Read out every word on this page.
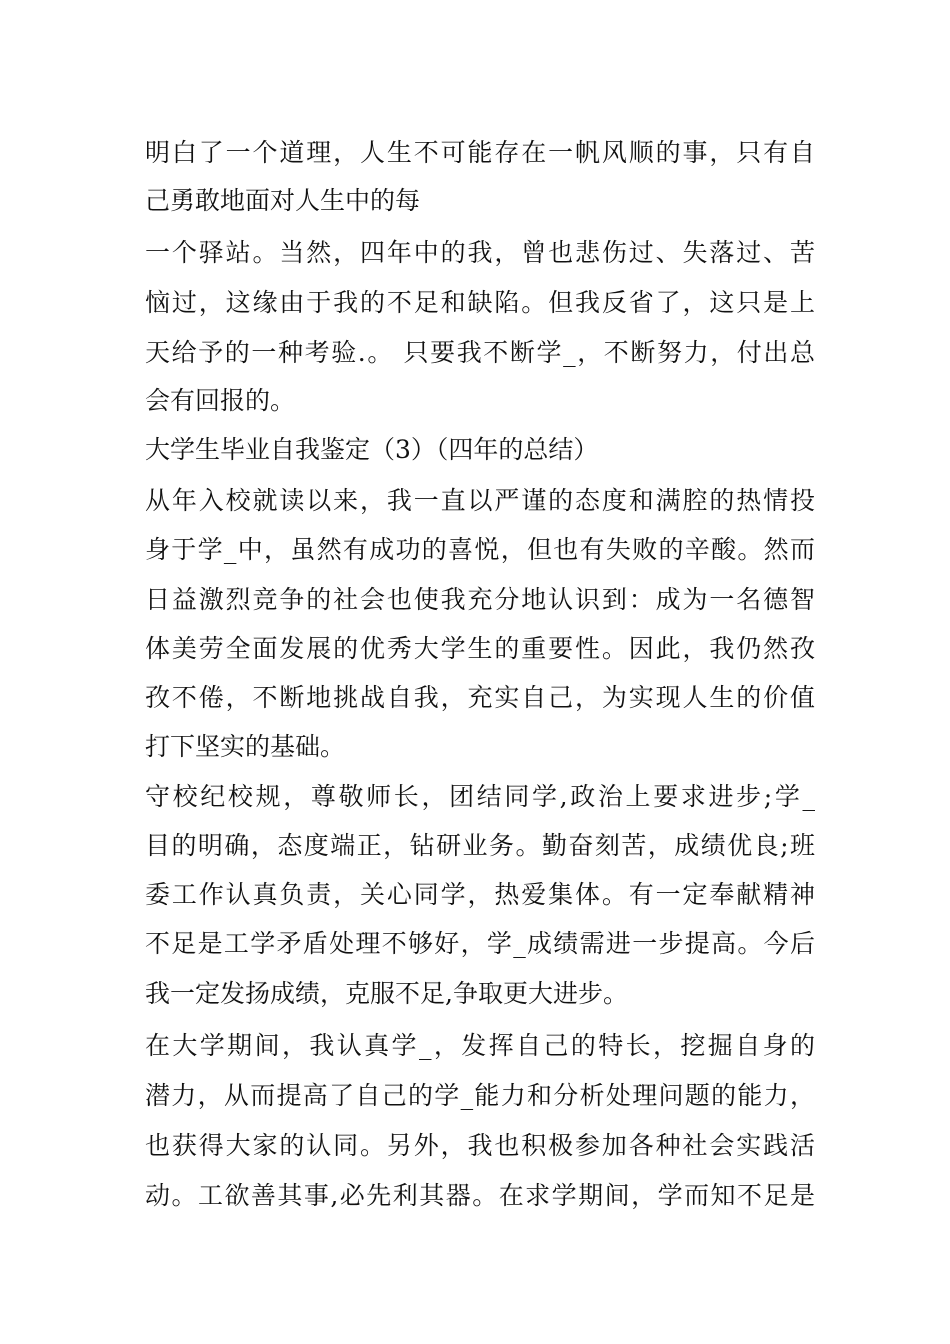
明白了一个道理，人生不可能存在一帆风顺的事，只有自
己勇敢地面对人生中的每
一个驿站。当然，四年中的我，曾也悲伤过、失落过、苦
恼过，这缘由于我的不足和缺陷。但我反省了，这只是上
天给予的一种考验.。 只要我不断学_，不断努力，付出总
会有回报的。
大学生毕业自我鉴定（3）（四年的总结）
从年入校就读以来，我一直以严谨的态度和满腔的热情投
身于学_中，虽然有成功的喜悦，但也有失败的辛酸。然而
日益激烈竞争的社会也使我充分地认识到：成为一名德智
体美劳全面发展的优秀大学生的重要性。因此，我仍然孜
孜不倦，不断地挑战自我，充实自己，为实现人生的价值
打下坚实的基础。
守校纪校规，尊敬师长，团结同学,政治上要求进步;学_
目的明确，态度端正，钻研业务。勤奋刻苦，成绩优良;班
委工作认真负责，关心同学，热爱集体。有一定奉献精神
不足是工学矛盾处理不够好，学_成绩需进一步提高。今后
我一定发扬成绩，克服不足,争取更大进步。
在大学期间，我认真学_，发挥自己的特长，挖掘自身的
潜力，从而提高了自己的学_能力和分析处理问题的能力，
也获得大家的认同。另外，我也积极参加各种社会实践活
动。工欲善其事,必先利其器。在求学期间，学而知不足是
